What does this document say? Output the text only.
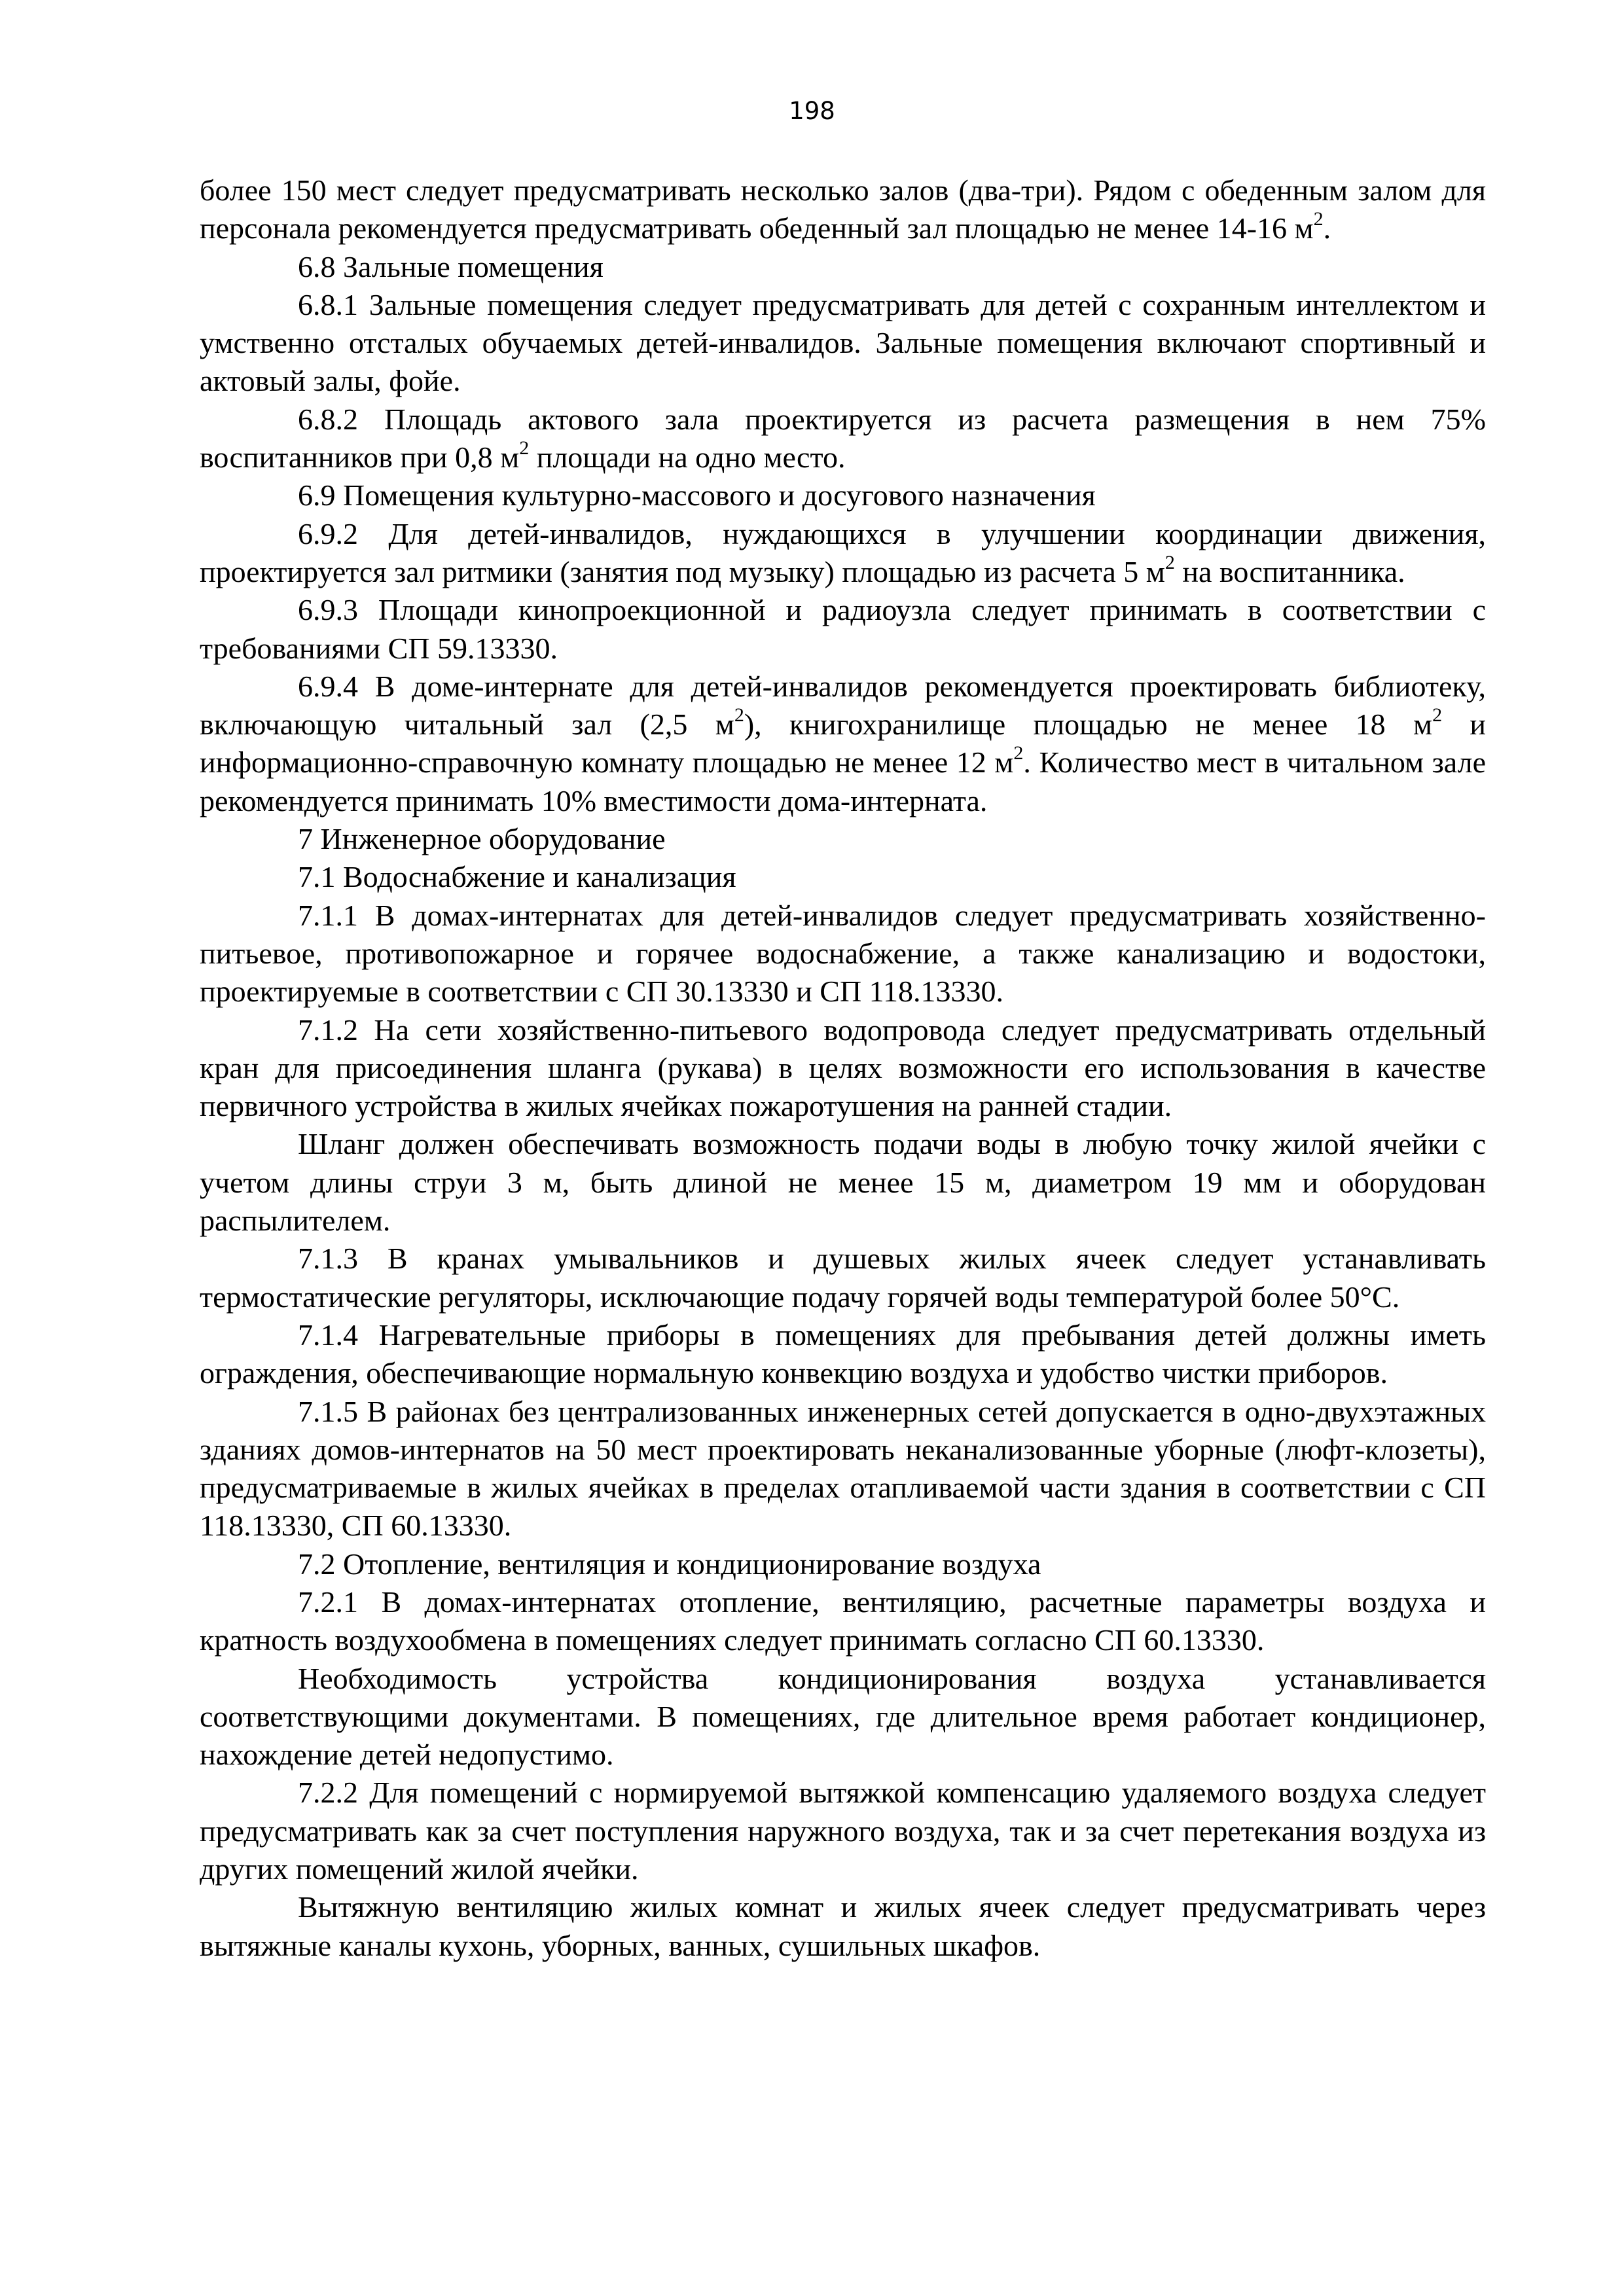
198

более 150 мест следует предусматривать несколько залов (два-три). Рядом с обеденным залом для персонала рекомендуется предусматривать обеденный зал площадью не менее 14-16 $м^2$.

6.8 Зальные помещения

6.8.1 Зальные помещения следует предусматривать для детей с сохранным интеллектом и умственно отсталых обучаемых детей-инвалидов. Зальные помещения включают спортивный и актовый залы, фойе.

6.8.2 Площадь актового зала проектируется из расчета размещения в нем 75% воспитанников при 0,8 $м^2$ площади на одно место.

6.9 Помещения культурно-массового и досугового назначения

6.9.2 Для детей-инвалидов, нуждающихся в улучшении координации движения, проектируется зал ритмики (занятия под музыку) площадью из расчета 5 $м^2$ на воспитанника.

6.9.3 Площади кинопроекционной и радиоузла следует принимать в соответствии с требованиями СП 59.13330.

6.9.4 В доме-интернате для детей-инвалидов рекомендуется проектировать библиотеку, включающую читальный зал (2,5 $м^2$), книгохранилище площадью не менее 18 $м^2$ и информационно-справочную комнату площадью не менее 12 $м^2$. Количество мест в читальном зале рекомендуется принимать 10% вместимости дома-интерната.

7 Инженерное оборудование

7.1 Водоснабжение и канализация

7.1.1 В домах-интернатах для детей-инвалидов следует предусматривать хозяйственно-питьевое, противопожарное и горячее водоснабжение, а также канализацию и водостоки, проектируемые в соответствии с СП 30.13330 и СП 118.13330.

7.1.2 На сети хозяйственно-питьевого водопровода следует предусматривать отдельный кран для присоединения шланга (рукава) в целях возможности его использования в качестве первичного устройства в жилых ячейках пожаротушения на ранней стадии.

Шланг должен обеспечивать возможность подачи воды в любую точку жилой ячейки с учетом длины струи 3 м, быть длиной не менее 15 м, диаметром 19 мм и оборудован распылителем.

7.1.3 В кранах умывальников и душевых жилых ячеек следует устанавливать термостатические регуляторы, исключающие подачу горячей воды температурой более 50°С.

7.1.4 Нагревательные приборы в помещениях для пребывания детей должны иметь ограждения, обеспечивающие нормальную конвекцию воздуха и удобство чистки приборов.

7.1.5 В районах без централизованных инженерных сетей допускается в одно-двухэтажных зданиях домов-интернатов на 50 мест проектировать неканализованные уборные (люфт-клозеты), предусматриваемые в жилых ячейках в пределах отапливаемой части здания в соответствии с СП 118.13330, СП 60.13330.

7.2 Отопление, вентиляция и кондиционирование воздуха

7.2.1 В домах-интернатах отопление, вентиляцию, расчетные параметры воздуха и кратность воздухообмена в помещениях следует принимать согласно СП 60.13330.

Необходимость устройства кондиционирования воздуха устанавливается соответствующими документами. В помещениях, где длительное время работает кондиционер, нахождение детей недопустимо.

7.2.2 Для помещений с нормируемой вытяжкой компенсацию удаляемого воздуха следует предусматривать как за счет поступления наружного воздуха, так и за счет перетекания воздуха из других помещений жилой ячейки.

Вытяжную вентиляцию жилых комнат и жилых ячеек следует предусматривать через вытяжные каналы кухонь, уборных, ванных, сушильных шкафов.
